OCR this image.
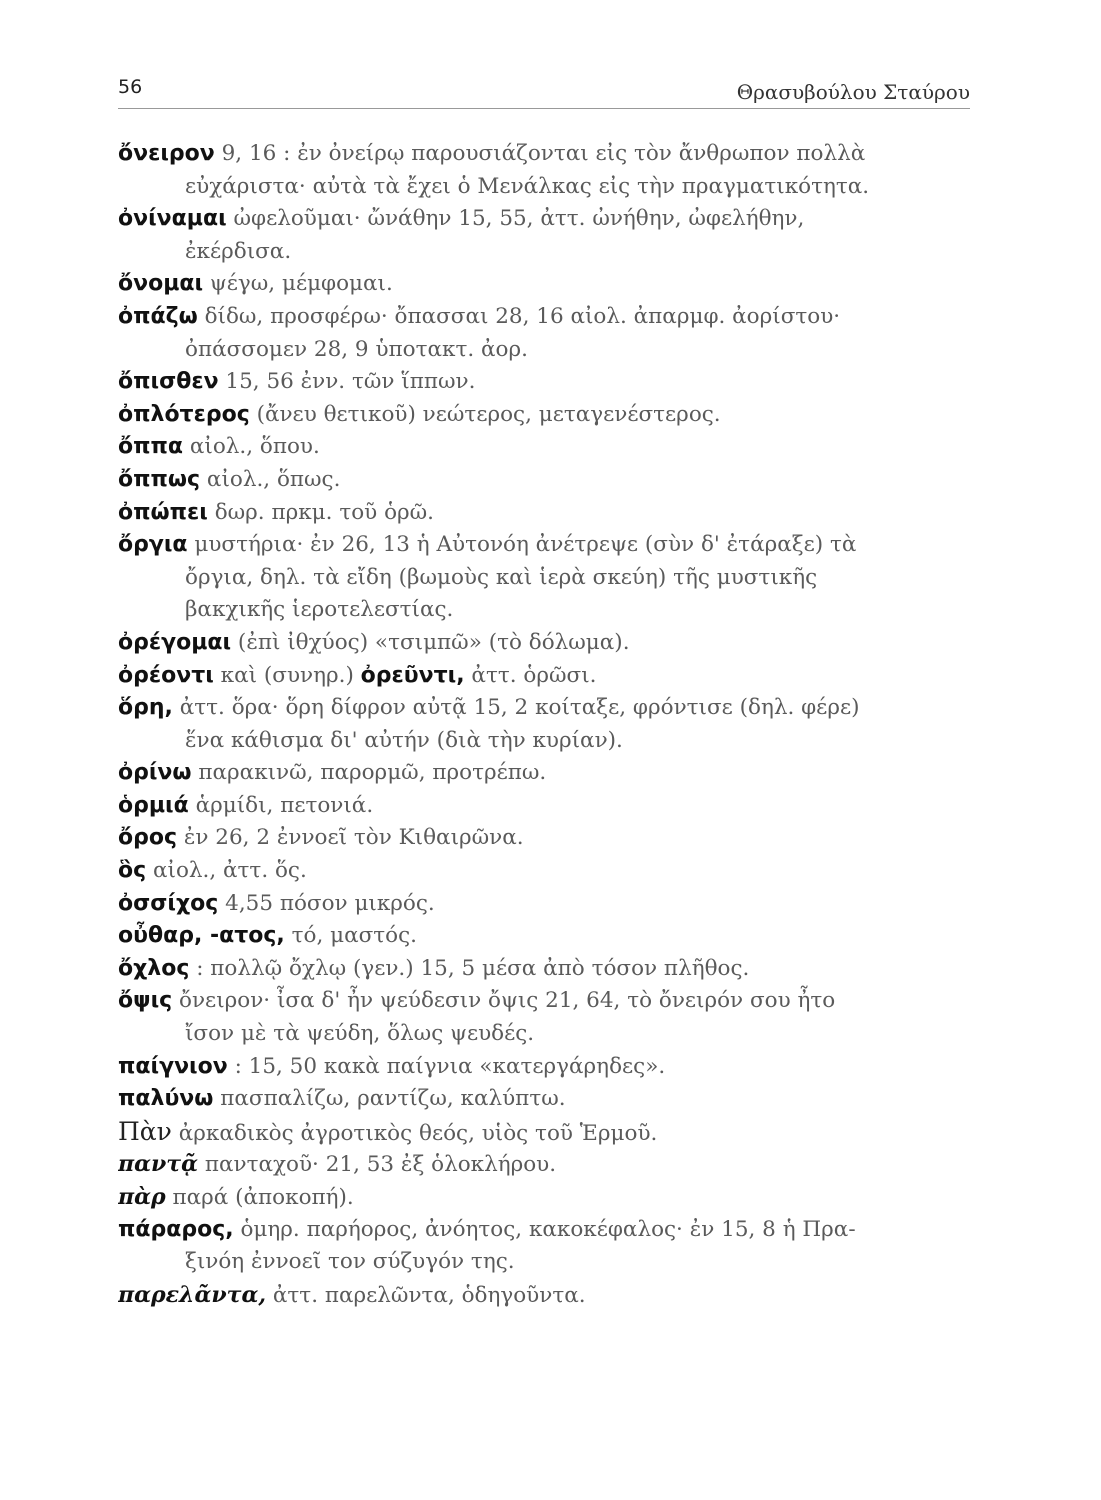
56	Θρασυβούλου Σταύρου
ὄνειρον 9, 16 : ἐν ὀνείρῳ παρουσιάζονται εἰς τὸν ἄνθρωπον πολλὰ
εὐχάριστα· αὐτὰ τὰ ἔχει ὁ Μενάλκας εἰς τὴν πραγματικότητα.
ὀνίναμαι ὠφελοῦμαι· ὤνάθην 15, 55, ἀττ. ὠνήθην, ὠφελήθην,
ἐκέρδισα.
ὄνομαι ψέγω, μέμφομαι.
ὀπάζω δίδω, προσφέρω· ὄπασσαι 28, 16 αἰολ. ἀπαρμφ. ἀορίστου·
ὀπάσσομεν 28, 9 ὑποτακτ. ἀορ.
ὄπισθεν 15, 56 ἐνν. τῶν ἵππων.
ὀπλότερος (ἄνευ θετικοῦ) νεώτερος, μεταγενέστερος.
ὄππα αἰολ., ὅπου.
ὄππως αἰολ., ὅπως.
ὀπώπει δωρ. πρκμ. τοῦ ὁρῶ.
ὄργια μυστήρια· ἐν 26, 13 ἡ Αὐτονόη ἀνέτρεψε (σὺν δ' ἐτάραξε) τὰ
ὄργια, δηλ. τὰ εἴδη (βωμοὺς καὶ ἱερὰ σκεύη) τῆς μυστικῆς
βακχικῆς ἱεροτελεστίας.
ὀρέγομαι (ἐπὶ ἰθχύος) «τσιμπῶ» (τὸ δόλωμα).
ὀρέοντι καὶ (συνηρ.) ὀρεῦντι, ἀττ. ὁρῶσι.
ὅρη, ἀττ. ὅρα· ὅρη δίφρον αὐτᾷ 15, 2 κοίταξε, φρόντισε (δηλ. φέρε)
ἕνα κάθισμα δι' αὐτήν (διὰ τὴν κυρίαν).
ὀρίνω παρακινῶ, παρορμῶ, προτρέπω.
ὁρμιά ἁρμίδι, πετονιά.
ὄρος ἐν 26, 2 ἐννοεῖ τὸν Κιθαιρῶνα.
ὃς αἰολ., ἀττ. ὅς.
ὀσσίχος 4,55 πόσον μικρός.
οὖθαρ, -ατος, τό, μαστός.
ὄχλος : πολλῷ ὄχλῳ (γεν.) 15, 5 μέσα ἀπὸ τόσον πλῆθος.
ὄψις ὄνειρον· ἶσα δ' ἦν ψεύδεσιν ὄψις 21, 64, τὸ ὄνειρόν σου ἦτο
ἴσον μὲ τὰ ψεύδη, ὅλως ψευδές.
παίγνιον : 15, 50 κακὰ παίγνια «κατεργάρηδες».
παλύνω πασπαλίζω, ραντίζω, καλύπτω.
Πὰν ἀρκαδικὸς ἀγροτικὸς θεός, υἱὸς τοῦ Ἑρμοῦ.
παντᾷ πανταχοῦ· 21, 53 ἐξ ὁλοκλήρου.
πὰρ παρά (ἀποκοπή).
πάραρος, ὁμηρ. παρήορος, ἀνόητος, κακοκέφαλος· ἐν 15, 8 ἡ Πρα-
ξινόη ἐννοεῖ τον σύζυγόν της.
παρελᾶντα, ἀττ. παρελῶντα, ὁδηγοῦντα.
